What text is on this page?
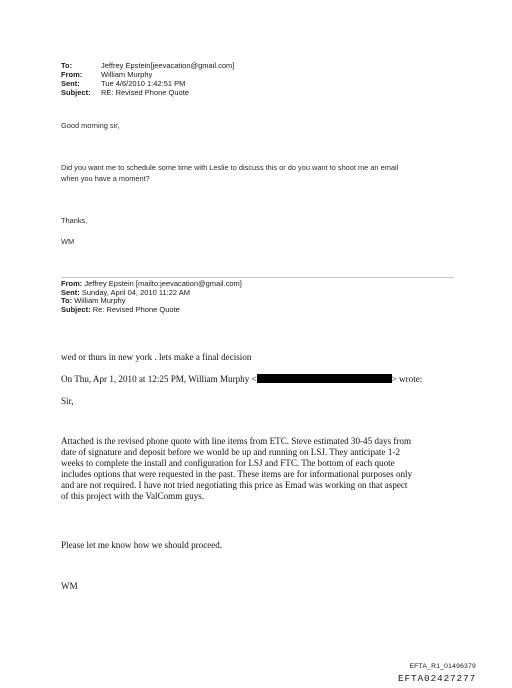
To:	Jeffrey Epstein[jeevacation@gmail.com]
From:	William Murphy
Sent:	Tue 4/6/2010 1:42:51 PM
Subject: RE: Revised Phone Quote
Good morning sir,
Did you want me to schedule some time with Leslie to discuss this or do you want to shoot me an email
when you have a moment?
Thanks,
WM
From: Jeffrey Epstein [mailto:jeevacation@gmail.com]
Sent: Sunday, April 04, 2010 11:22 AM
To: William Murphy
Subject: Re: Revised Phone Quote
wed or thurs in new york . lets make a final decision
On Thu, Apr 1, 2010 at 12:25 PM, William Murphy <	> wrote:
Sir,
Attached is the revised phone quote with line items from ETC. Steve estimated 30-45 days from
date of signature and deposit before we would be up and running on LSJ. They anticipate 1-2
weeks to complete the install and configuration for LSJ and FTC. The bottom of each quote
includes options that were requested in the past. These items are for informational purposes only
and are not required. I have not tried negotiating this price as Emad was working on that aspect
of this project with the ValComm guys.
Please let me know how we should proceed.
WM
EFTA_R1_01496379
EFTA02427277
